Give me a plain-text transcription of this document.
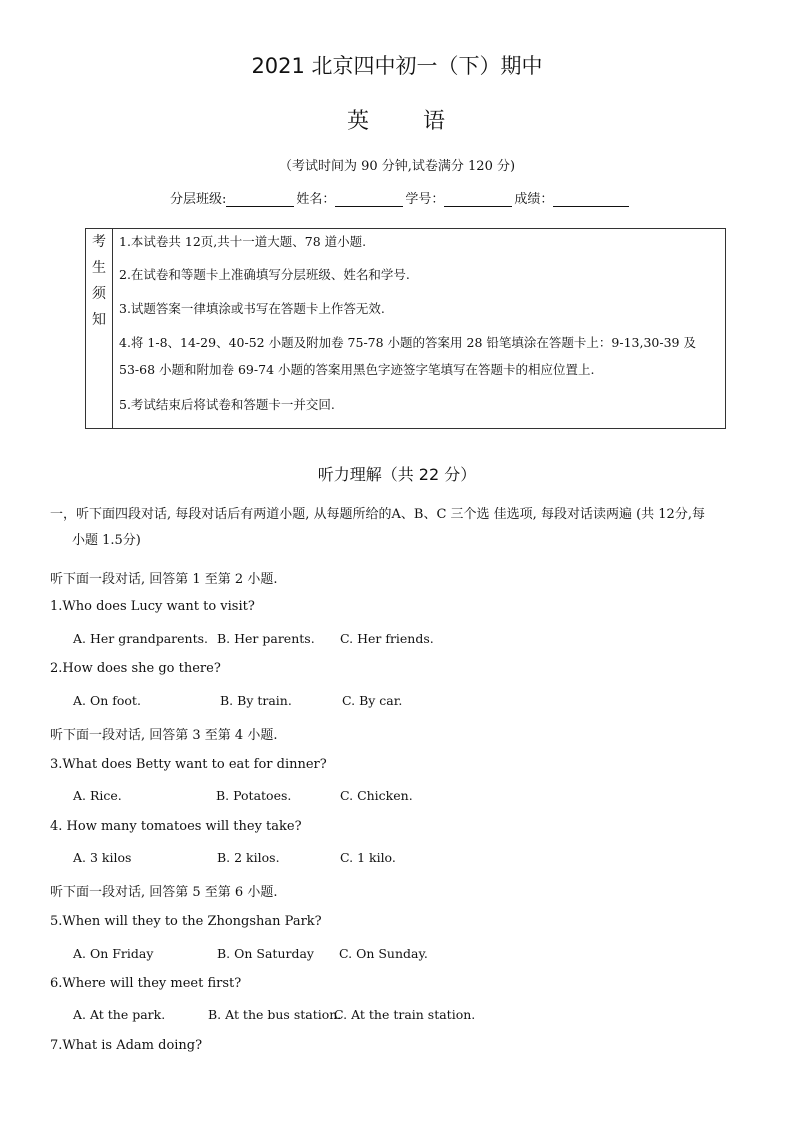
2021 北京四中初一（下）期中
英 语
（考试时间为 90 分钟,试卷满分 120 分)
分层班级:	姓名：	学号：	成绩：
考
生
须
知
1.本试卷共 12页,共十一道大题、78 道小题.
2.在试卷和等题卡上准确填写分层班级、姓名和学号.
3.试题答案一律填涂或书写在答题卡上作答无效.
4.将 1-8、14-29、40-52 小题及附加卷 75-78 小题的答案用 28 铅笔填涂在答题卡上：9-13,30-39 及
53-68 小题和附加卷 69-74 小题的答案用黑色字迹签字笔填写在答题卡的相应位置上.
5.考试结束后将试卷和答题卡一并交回.
听力理解（共 22 分）
一，听下面四段对话, 每段对话后有两道小题, 从每题所给的A、B、C 三个选 佳选项, 每段对话读两遍 (共 12分,每
小题 1.5分)
听下面一段对话, 回答第 1 至第 2 小题.
1.Who does Lucy want to visit?
A. Her grandparents. B. Her parents. C. Her friends.
2.How does she go there?
A. On foot.	B. By train.	C. By car.
听下面一段对话, 回答第 3 至第 4 小题.
3.What does Betty want to eat for dinner?
A. Rice.	B. Potatoes.	C. Chicken.
4. How many tomatoes will they take?
A. 3 kilos	B. 2 kilos.	C. 1 kilo.
听下面一段对话, 回答第 5 至第 6 小题.
5.When will they to the Zhongshan Park?
A. On Friday	B. On Saturday C. On Sunday.
6.Where will they meet first?
A. At the park.	B. At the bus station.
C. At the train station.
7.What is Adam doing?
